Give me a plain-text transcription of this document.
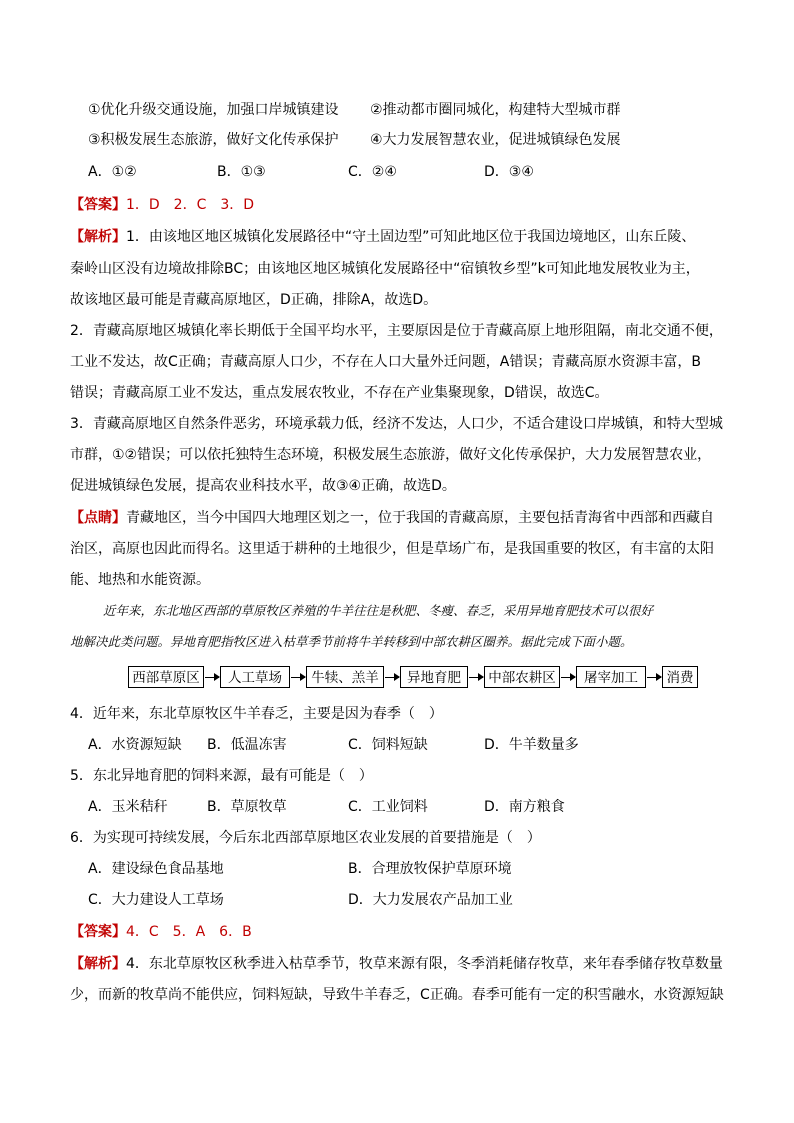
①优化升级交通设施，加强口岸城镇建设 ②推动都市圈同城化，构建特大型城市群
③积极发展生态旅游，做好文化传承保护 ④大力发展智慧农业，促进城镇绿色发展
A．①②	B．①③	C．②④	D．③④
【答案】1．D　2．C　3．D
【解析】1．由该地区地区城镇化发展路径中“守土固边型”可知此地区位于我国边境地区，山东丘陵、
秦岭山区没有边境故排除BC；由该地区地区城镇化发展路径中“宿镇牧乡型”k可知此地发展牧业为主，
故该地区最可能是青藏高原地区，D正确，排除A，故选D。
2．青藏高原地区城镇化率长期低于全国平均水平，主要原因是位于青藏高原上地形阻隔，南北交通不便，
工业不发达，故C正确；青藏高原人口少，不存在人口大量外迁问题，A错误；青藏高原水资源丰富，B
错误；青藏高原工业不发达，重点发展农牧业，不存在产业集聚现象，D错误，故选C。
3．青藏高原地区自然条件恶劣，环境承载力低，经济不发达，人口少，不适合建设口岸城镇，和特大型城
市群，①②错误；可以依托独特生态环境，积极发展生态旅游，做好文化传承保护，大力发展智慧农业，
促进城镇绿色发展，提高农业科技水平，故③④正确，故选D。
【点睛】青藏地区，当今中国四大地理区划之一，位于我国的青藏高原，主要包括青海省中西部和西藏自
治区，高原也因此而得名。这里适于耕种的土地很少，但是草场广布，是我国重要的牧区，有丰富的太阳
能、地热和水能资源。
近年来，东北地区西部的草原牧区养殖的牛羊往往是秋肥、冬瘦、春乏，采用异地育肥技术可以很好
地解决此类问题。异地育肥指牧区进入枯草季节前将牛羊转移到中部农耕区圈养。据此完成下面小题。
西部草原区	人工草场	牛犊、羔羊	异地育肥	中部农耕区	屠宰加工	消费
4．近年来，东北草原牧区牛羊春乏，主要是因为春季（　）
A．水资源短缺 B．低温冻害	C．饲料短缺	D．牛羊数量多
5．东北异地育肥的饲料来源，最有可能是（　）
A．玉米秸秆	B．草原牧草	C．工业饲料	D．南方粮食
6．为实现可持续发展，今后东北西部草原地区农业发展的首要措施是（　）
A．建设绿色食品基地	B．合理放牧保护草原环境
C．大力建设人工草场	D．大力发展农产品加工业
【答案】4．C　5．A　6．B
【解析】4．东北草原牧区秋季进入枯草季节，牧草来源有限，冬季消耗储存牧草，来年春季储存牧草数量
少，而新的牧草尚不能供应，饲料短缺，导致牛羊春乏，C正确。春季可能有一定的积雪融水，水资源短缺
